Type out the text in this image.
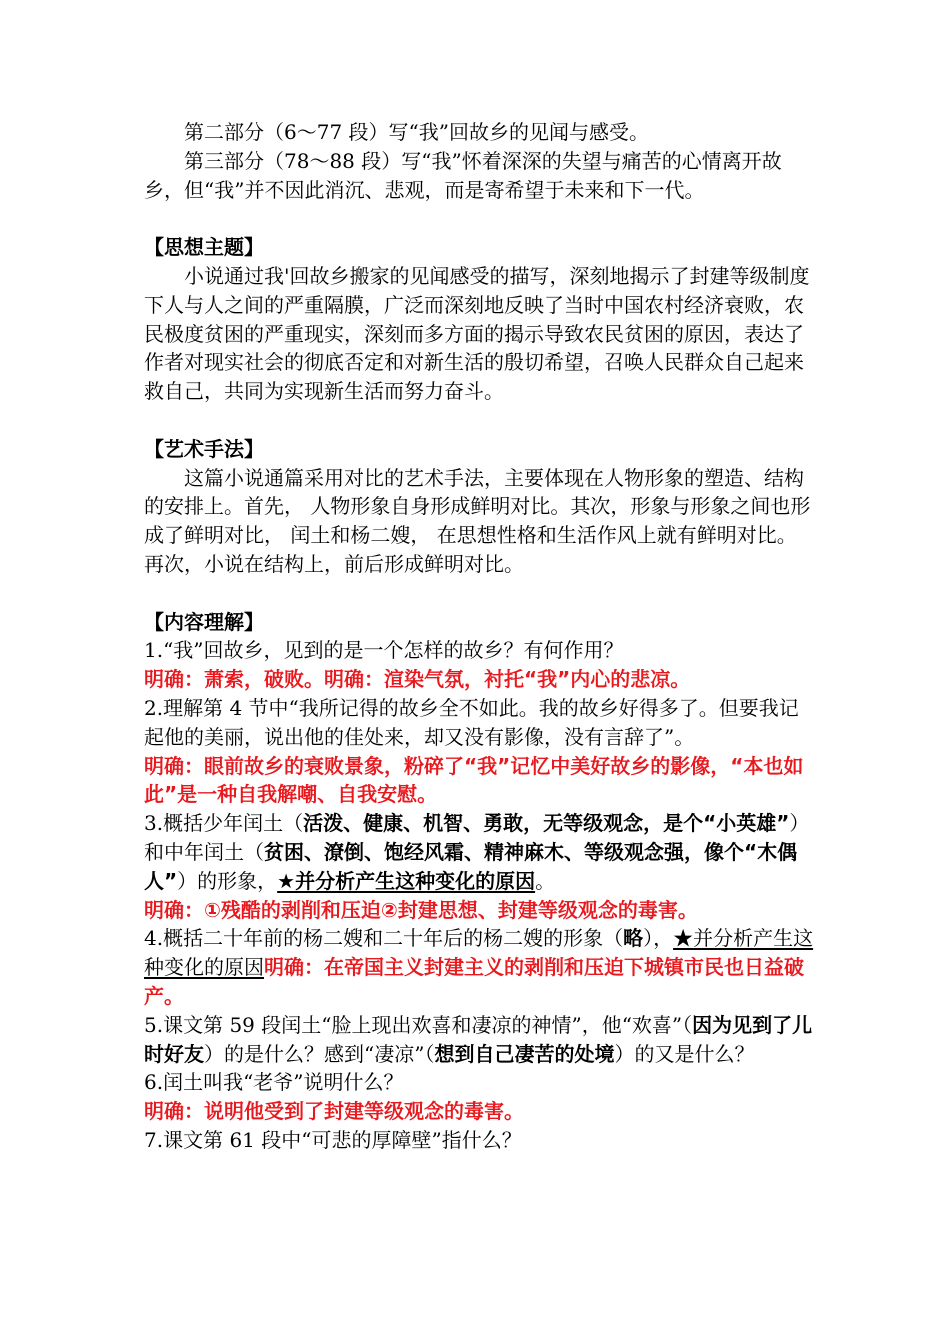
第二部分（6～77 段）写“我”回故乡的见闻与感受。

第三部分（78～88 段）写“我”怀着深深的失望与痛苦的心情离开故乡，但“我”并不因此消沉、悲观，而是寄希望于未来和下一代。

【思想主题】

小说通过我'回故乡搬家的见闻感受的描写，深刻地揭示了封建等级制度下人与人之间的严重隔膜，广泛而深刻地反映了当时中国农村经济衰败，农民极度贫困的严重现实，深刻而多方面的揭示导致农民贫困的原因，表达了作者对现实社会的彻底否定和对新生活的殷切希望，召唤人民群众自己起来救自己，共同为实现新生活而努力奋斗。

【艺术手法】

这篇小说通篇采用对比的艺术手法，主要体现在人物形象的塑造、结构的安排上。首先， 人物形象自身形成鲜明对比。其次，形象与形象之间也形成了鲜明对比， 闰土和杨二嫂， 在思想性格和生活作风上就有鲜明对比。再次，小说在结构上，前后形成鲜明对比。

【内容理解】

1.“我”回故乡，见到的是一个怎样的故乡？有何作用？

明确：萧索，破败。明确：渲染气氛，衬托“我”内心的悲凉。

2.理解第 4 节中“我所记得的故乡全不如此。我的故乡好得多了。但要我记起他的美丽，说出他的佳处来，却又没有影像，没有言辞了”。

明确：眼前故乡的衰败景象，粉碎了“我”记忆中美好故乡的影像，“本也如此”是一种自我解嘲、自我安慰。

3.概括少年闰土（活泼、健康、机智、勇敢，无等级观念，是个“小英雄”）和中年闰土（贫困、潦倒、饱经风霜、精神麻木、等级观念强，像个“木偶人”）的形象，★并分析产生这种变化的原因。

明确：①残酷的剥削和压迫②封建思想、封建等级观念的毒害。

4.概括二十年前的杨二嫂和二十年后的杨二嫂的形象（略），★并分析产生这种变化的原因明确：在帝国主义封建主义的剥削和压迫下城镇市民也日益破产。

5.课文第 59 段闰土“脸上现出欢喜和凄凉的神情”，他“欢喜”（因为见到了儿时好友）的是什么？感到“凄凉”（想到自己凄苦的处境）的又是什么？

6.闰土叫我“老爷”说明什么？

明确：说明他受到了封建等级观念的毒害。

7.课文第 61 段中“可悲的厚障壁”指什么？
